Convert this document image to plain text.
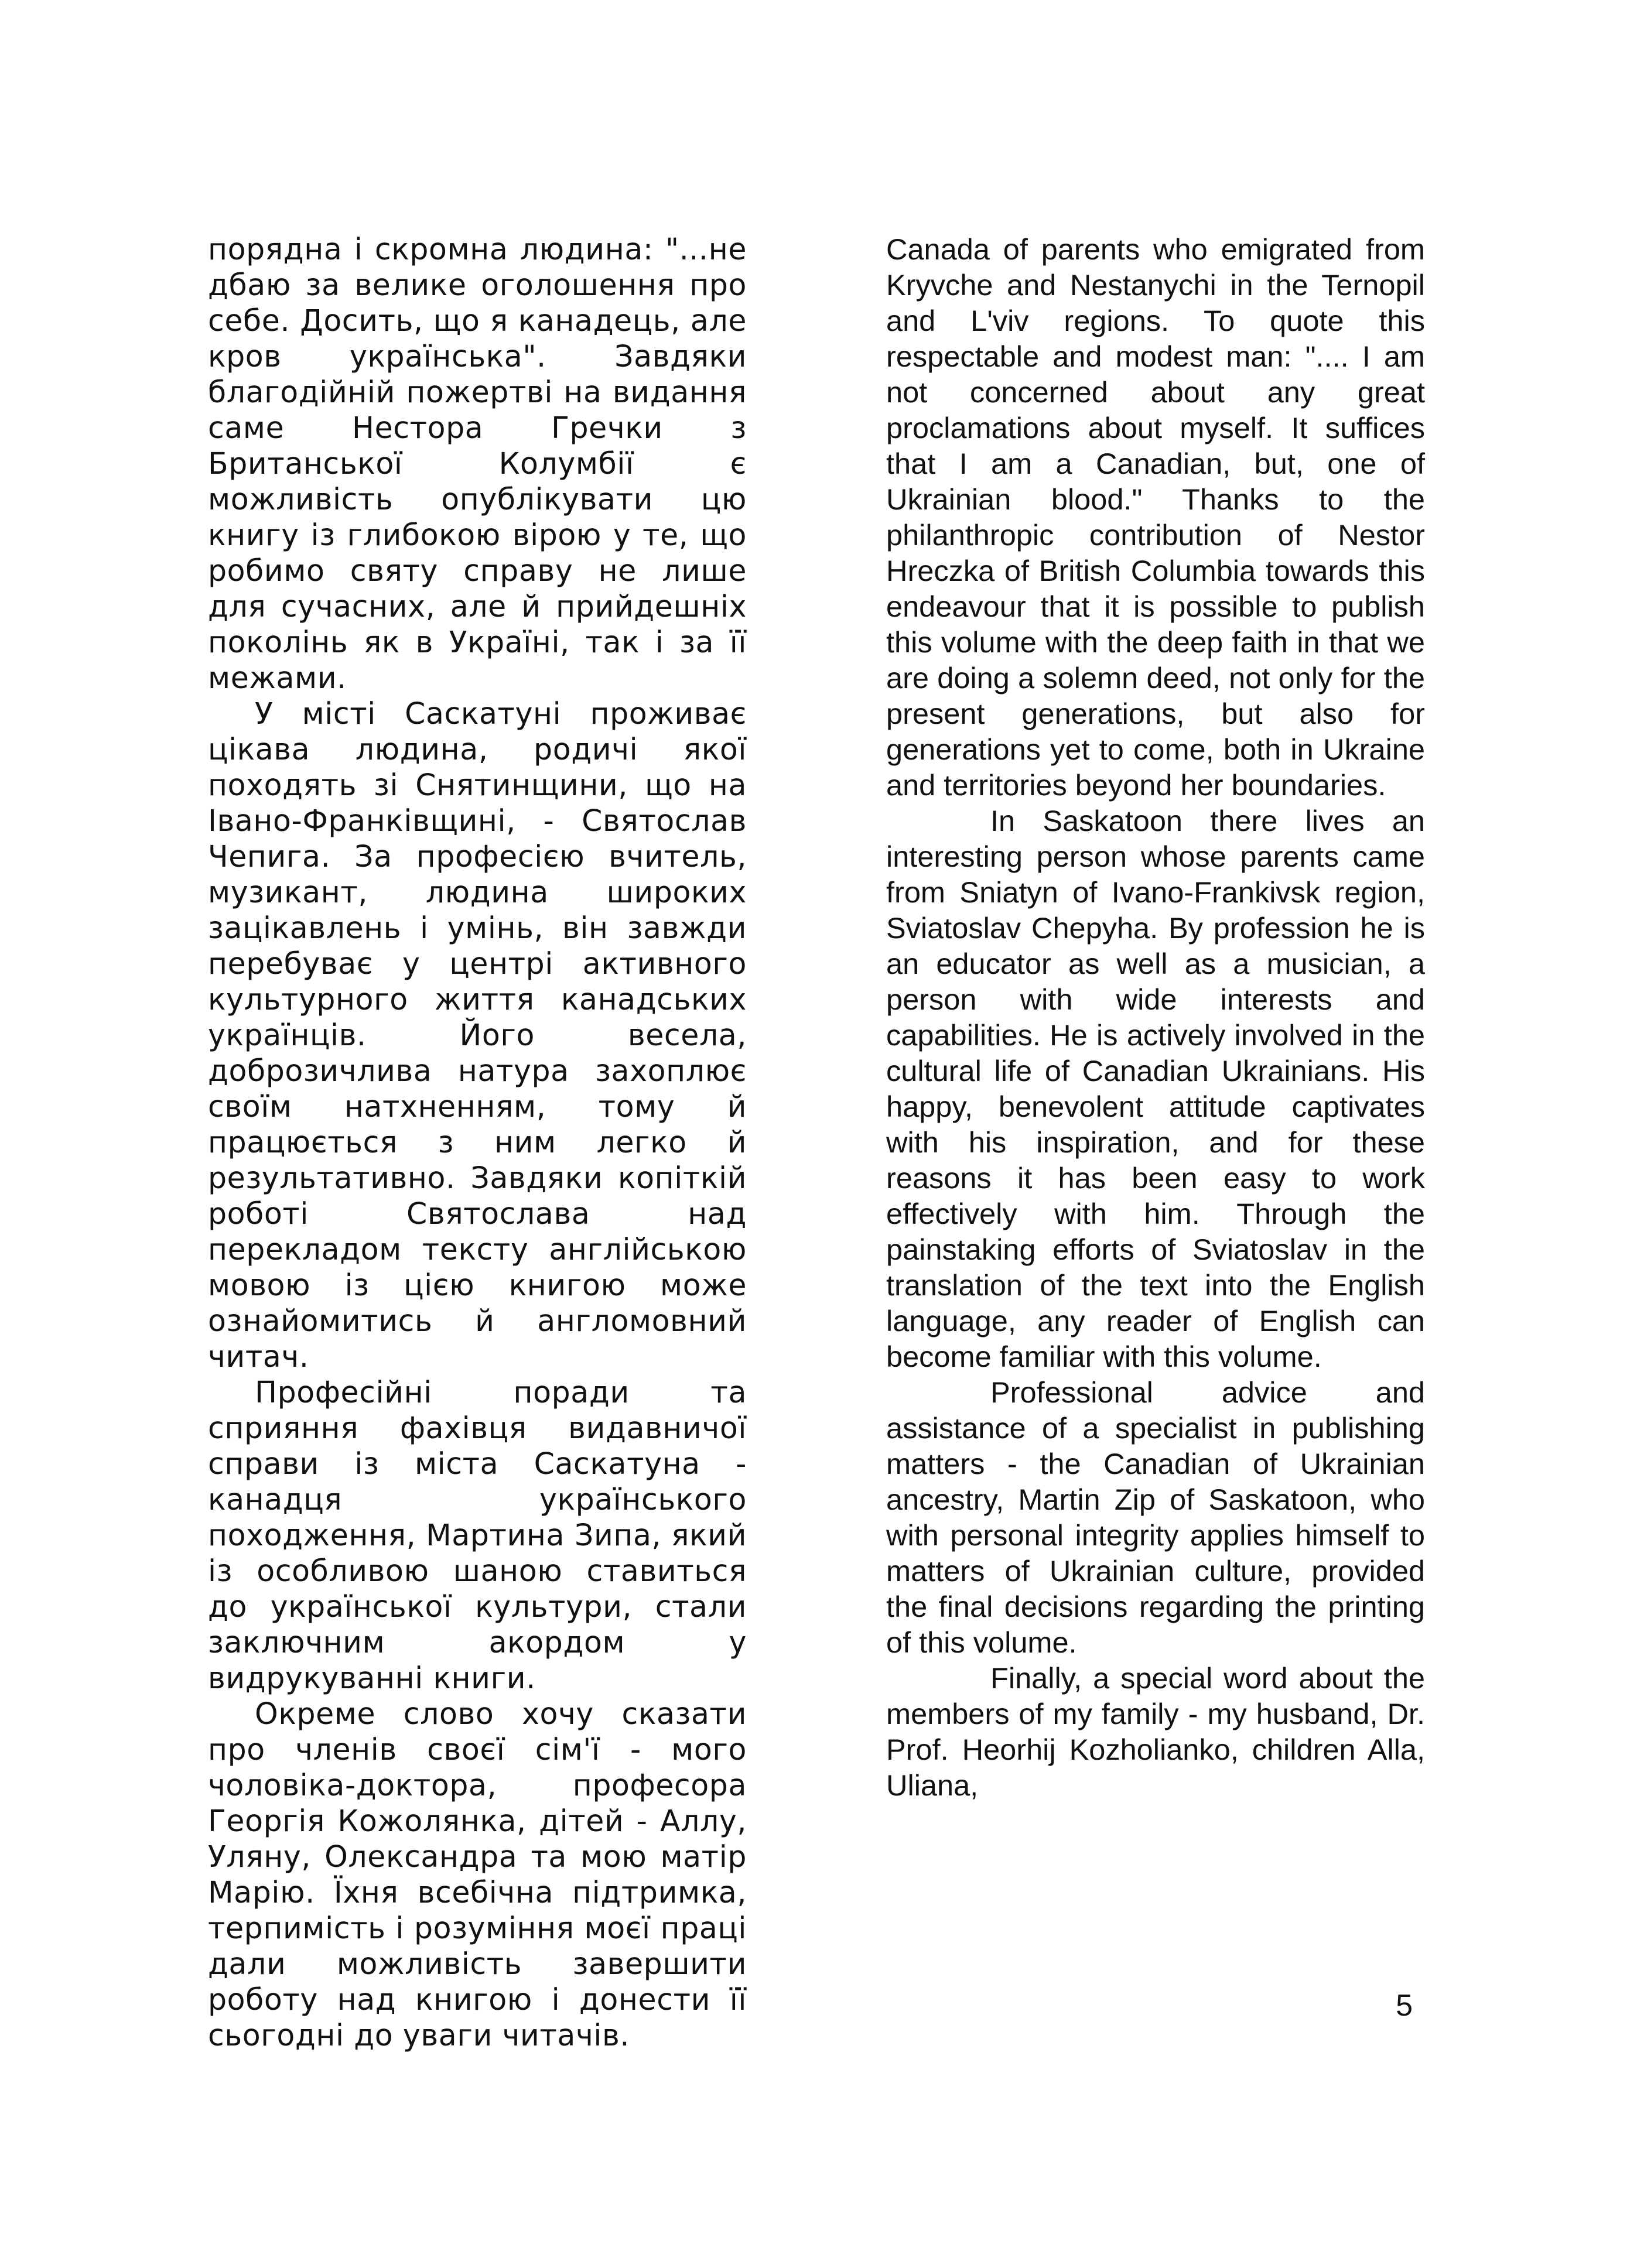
порядна і скромна людина: "...не дбаю за велике оголошення про себе. Досить, що я канадець, але кров українська". Завдяки благодійній пожертві на видання саме Нестора Гречки з Британської Колумбії є можливість опублікувати цю книгу із глибокою вірою у те, що робимо святу справу не лише для сучасних, але й прийдешніх поколінь як в Україні, так і за її межами.

У місті Саскатуні проживає цікава людина, родичі якої походять зі Снятинщини, що на Івано-Франківщині, - Святослав Чепига. За професією вчитель, музикант, людина широких зацікавлень і умінь, він завжди перебуває у центрі активного культурного життя канадських українців. Його весела, доброзичлива натура захоплює своїм натхненням, тому й працюється з ним легко й результативно. Завдяки копіткій роботі Святослава над перекладом тексту англійською мовою із цією книгою може ознайомитись й англомовний читач.

Професійні поради та сприяння фахівця видавничої справи із міста Саскатуна - канадця українського походження, Мартина Зипа, який із особливою шаною ставиться до української культури, стали заключним акордом у видрукуванні книги.

Окреме слово хочу сказати про членів своєї сім'ї - мого чоловіка-доктора, професора Георгія Кожолянка, дітей - Аллу, Уляну, Олександра та мою матір Марію. Їхня всебічна підтримка, терпимість і розуміння моєї праці дали можливість завершити роботу над книгою і донести її сьогодні до уваги читачів.

Canada of parents who emigrated from Kryvche and Nestanychi in the Ternopil and L'viv regions. To quote this respectable and modest man: ".... I am not concerned about any great proclamations about myself. It suffices that I am a Canadian, but, one of Ukrainian blood." Thanks to the philanthropic contribution of Nestor Hreczka of British Columbia towards this endeavour that it is possible to publish this volume with the deep faith in that we are doing a solemn deed, not only for the present generations, but also for generations yet to come, both in Ukraine and territories beyond her boundaries.

In Saskatoon there lives an interesting person whose parents came from Sniatyn of Ivano-Frankivsk region, Sviatoslav Chepyha. By profession he is an educator as well as a musician, a person with wide interests and capabilities. He is actively involved in the cultural life of Canadian Ukrainians. His happy, benevolent attitude captivates with his inspiration, and for these reasons it has been easy to work effectively with him. Through the painstaking efforts of Sviatoslav in the translation of the text into the English language, any reader of English can become familiar with this volume.

Professional advice and assistance of a specialist in publishing matters - the Canadian of Ukrainian ancestry, Martin Zip of Saskatoon, who with personal integrity applies himself to matters of Ukrainian culture, provided the final decisions regarding the printing of this volume.

Finally, a special word about the members of my family - my husband, Dr. Prof. Heorhij Kozholianko, children Alla, Uliana,

5
